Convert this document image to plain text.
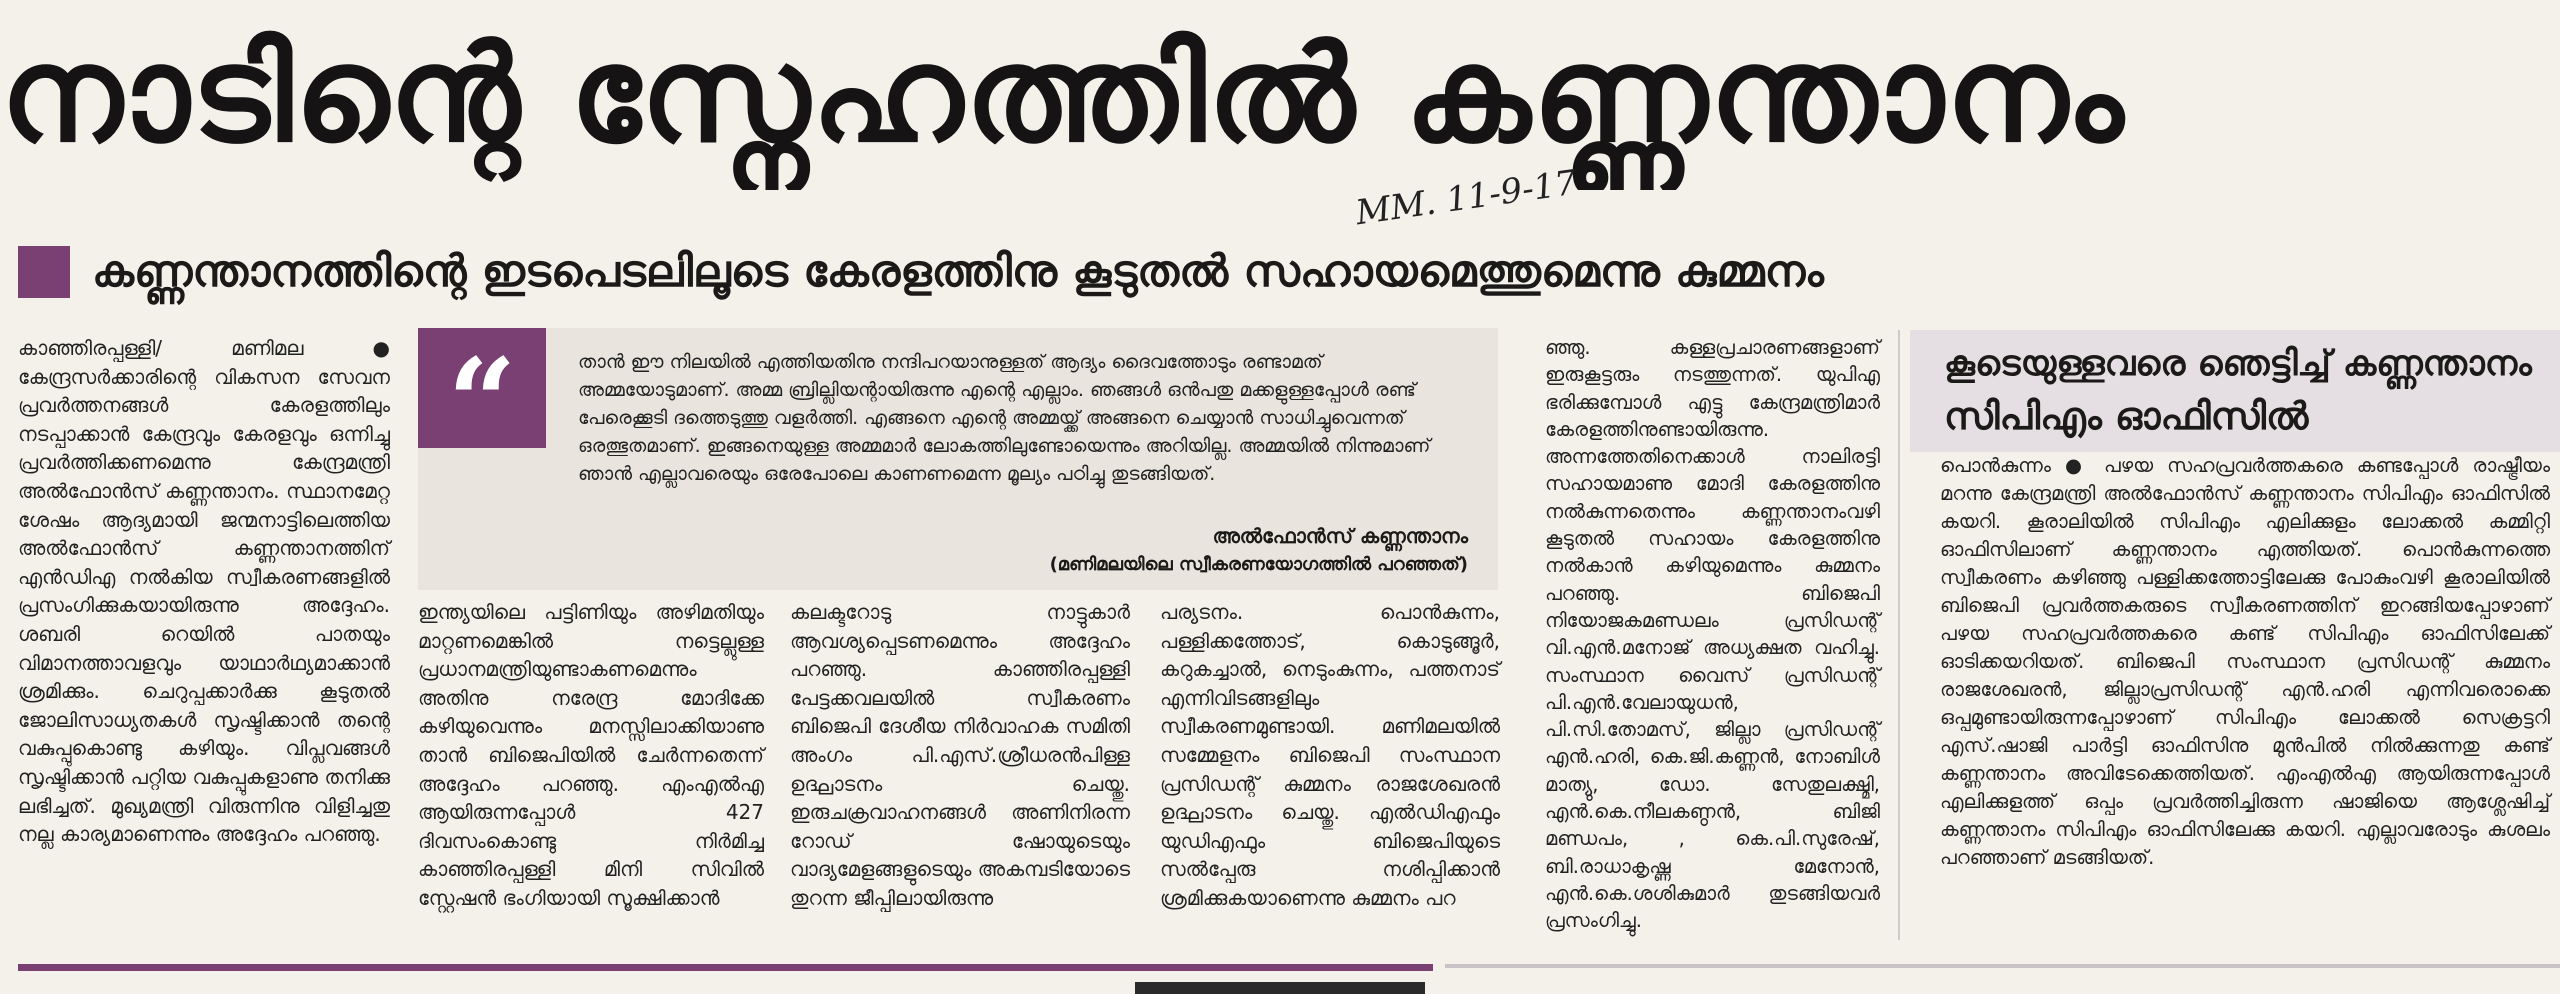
നാടിന്റെ സ്നേഹത്തിൽ കണ്ണന്താനം
MM. 11-9-17
കണ്ണന്താനത്തിന്റെ ഇടപെടലിലൂടെ കേരളത്തിനു കൂടുതൽ സഹായമെത്തുമെന്നു കുമ്മനം

കാഞ്ഞിരപ്പള്ളി/ മണിമല ● കേന്ദ്രസർക്കാരിന്റെ വികസന സേവന പ്രവർത്തനങ്ങൾ കേരളത്തിലും നടപ്പാക്കാൻ കേന്ദ്രവും കേരളവും ഒന്നിച്ചു പ്രവർത്തിക്കണമെന്നു കേന്ദ്രമന്ത്രി അൽഫോൻസ് കണ്ണന്താനം. സ്ഥാനമേറ്റ ശേഷം ആദ്യമായി ജന്മനാട്ടിലെത്തിയ അൽഫോൻസ് കണ്ണന്താനത്തിന് എൻഡിഎ നൽകിയ സ്വീകരണങ്ങളിൽ പ്രസംഗിക്കുകയായിരുന്നു അദ്ദേഹം. ശബരി റെയിൽ പാതയും വിമാനത്താവളവും യാഥാർഥ്യമാക്കാൻ ശ്രമിക്കും. ചെറുപ്പക്കാർക്കു കൂടുതൽ ജോലിസാധ്യതകൾ സൃഷ്ടിക്കാൻ തന്റെ വകുപ്പുകൊണ്ടു കഴിയും. വിപ്ലവങ്ങൾ സൃഷ്ടിക്കാൻ പറ്റിയ വകുപ്പുകളാണു തനിക്കു ലഭിച്ചത്. മുഖ്യമന്ത്രി വിരുന്നിനു വിളിച്ചതു നല്ല കാര്യമാണെന്നും അദ്ദേഹം പറഞ്ഞു.

“	താൻ ഈ നിലയിൽ എത്തിയതിനു നന്ദിപറയാനുള്ളത് ആദ്യം ദൈവത്തോടും രണ്ടാമത് അമ്മയോടുമാണ്. അമ്മ ബ്രില്ലിയന്റായിരുന്നു എന്റെ എല്ലാം. ഞങ്ങൾ ഒൻപതു മക്കളുള്ളപ്പോൾ രണ്ട് പേരെക്കൂടി ദത്തെടുത്തു വളർത്തി. എങ്ങനെ എന്റെ അമ്മയ്ക്ക് അങ്ങനെ ചെയ്യാൻ സാധിച്ചുവെന്നത് ഒരത്ഭുതമാണ്. ഇങ്ങനെയുള്ള അമ്മമാർ ലോകത്തിലുണ്ടോയെന്നും അറിയില്ല. അമ്മയിൽ നിന്നുമാണ് ഞാൻ എല്ലാവരെയും ഒരേപോലെ കാണണമെന്ന മൂല്യം പഠിച്ചു തുടങ്ങിയത്.
അൽഫോൻസ് കണ്ണന്താനം
(മണിമലയിലെ സ്വീകരണയോഗത്തിൽ പറഞ്ഞത്)

ഇന്ത്യയിലെ പട്ടിണിയും അഴിമതിയും മാറ്റണമെങ്കിൽ നട്ടെല്ലുള്ള പ്രധാനമന്ത്രിയുണ്ടാകണമെന്നും അതിനു നരേന്ദ്ര മോദിക്കേ കഴിയുവെന്നും മനസ്സിലാക്കിയാണു താൻ ബിജെപിയിൽ ചേർന്നതെന്ന് അദ്ദേഹം പറഞ്ഞു. എംഎൽഎ ആയിരുന്നപ്പോൾ 427 ദിവസംകൊണ്ടു നിർമിച്ച കാഞ്ഞിരപ്പള്ളി മിനി സിവിൽ സ്റ്റേഷൻ ഭംഗിയായി സൂക്ഷിക്കാൻ

കലക്ടറോടു നാട്ടുകാർ ആവശ്യപ്പെടണമെന്നും അദ്ദേഹം പറഞ്ഞു. കാഞ്ഞിരപ്പള്ളി പേട്ടക്കവലയിൽ സ്വീകരണം ബിജെപി ദേശീയ നിർവാഹക സമിതി അംഗം പി.എസ്.ശ്രീധരൻപിള്ള ഉദ്ഘാടനം ചെയ്തു. ഇരുചക്രവാഹനങ്ങൾ അണിനിരന്ന റോഡ് ഷോയുടെയും വാദ്യമേളങ്ങളുടെയും അകമ്പടിയോടെ തുറന്ന ജീപ്പിലായിരുന്നു

ഞ്ഞു. കള്ളപ്രചാരണങ്ങളാണ് ഇരുകൂട്ടരും നടത്തുന്നത്. യുപിഎ ഭരിക്കുമ്പോൾ എട്ടു കേന്ദ്രമന്ത്രിമാർ കേരളത്തിനുണ്ടായിരുന്നു. അന്നത്തേതിനെക്കാൾ നാലിരട്ടി സഹായമാണു മോദി കേരളത്തിനു നൽകുന്നതെന്നും കണ്ണന്താനംവഴി കൂടുതൽ സഹായം കേരളത്തിനു നൽകാൻ കഴിയുമെന്നും കുമ്മനം പറഞ്ഞു. ബിജെപി നിയോജകമണ്ഡലം പ്രസിഡന്റ് വി.എൻ.മനോജ് അധ്യക്ഷത വഹിച്ചു. സംസ്ഥാന വൈസ് പ്രസിഡന്റ് പി.എൻ.വേലായുധൻ, പി.സി.തോമസ്, ജില്ലാ പ്രസിഡന്റ് എൻ.ഹരി, കെ.ജി.കണ്ണൻ, നോബിൾ മാത്യു, ഡോ. സേതുലക്ഷ്മി, എൻ.കെ.നീലകണ്ഠൻ, ബിജി മണ്ഡപം, , കെ.പി.സുരേഷ്, ബി.രാധാകൃഷ്ണ മേനോൻ, എൻ.കെ.ശശികുമാർ തുടങ്ങിയവർ പ്രസംഗിച്ചു.

പര്യടനം. പൊൻകുന്നം, പള്ളിക്കത്തോട്, കൊടുങ്ങൂർ, കറുകച്ചാൽ, നെടുംകുന്നം, പത്തനാട് എന്നിവിടങ്ങളിലും സ്വീകരണമുണ്ടായി. മണിമലയിൽ സമ്മേളനം ബിജെപി സംസ്ഥാന പ്രസിഡന്റ് കുമ്മനം രാജശേഖരൻ ഉദ്ഘാടനം ചെയ്തു. എൽഡിഎഫും യുഡിഎഫും ബിജെപിയുടെ സൽപ്പേരു നശിപ്പിക്കാൻ ശ്രമിക്കുകയാണെന്നു കുമ്മനം പറ

കൂടെയുള്ളവരെ ഞെട്ടിച്ച് കണ്ണന്താനം
സിപിഎം ഓഫിസിൽ

പൊൻകുന്നം ● പഴയ സഹപ്രവർത്തകരെ കണ്ടപ്പോൾ രാഷ്ട്രീയം മറന്നു കേന്ദ്രമന്ത്രി അൽഫോൻസ് കണ്ണന്താനം സിപിഎം ഓഫിസിൽ കയറി. കൂരാലിയിൽ സിപിഎം എലിക്കുളം ലോക്കൽ കമ്മിറ്റി ഓഫിസിലാണ് കണ്ണന്താനം എത്തിയത്. പൊൻകുന്നത്തെ സ്വീകരണം കഴിഞ്ഞു പള്ളിക്കത്തോട്ടിലേക്കു പോകുംവഴി കൂരാലിയിൽ ബിജെപി പ്രവർത്തകരുടെ സ്വീകരണത്തിന് ഇറങ്ങിയപ്പോഴാണ് പഴയ സഹപ്രവർത്തകരെ കണ്ട് സിപിഎം ഓഫിസിലേക്ക് ഓടിക്കയറിയത്. ബിജെപി സംസ്ഥാന പ്രസിഡന്റ് കുമ്മനം രാജശേഖരൻ, ജില്ലാപ്രസിഡന്റ് എൻ.ഹരി എന്നിവരൊക്കെ ഒപ്പമുണ്ടായിരുന്നപ്പോഴാണ് സിപിഎം ലോക്കൽ സെക്രട്ടറി എസ്.ഷാജി പാർട്ടി ഓഫിസിനു മുൻപിൽ നിൽക്കുന്നതു കണ്ട് കണ്ണന്താനം അവിടേക്കെത്തിയത്. എംഎൽഎ ആയിരുന്നപ്പോൾ എലിക്കുളത്ത് ഒപ്പം പ്രവർത്തിച്ചിരുന്ന ഷാജിയെ ആശ്ലേഷിച്ച് കണ്ണന്താനം സിപിഎം ഓഫിസിലേക്കു കയറി. എല്ലാവരോടും കുശലം പറഞ്ഞാണ് മടങ്ങിയത്.
